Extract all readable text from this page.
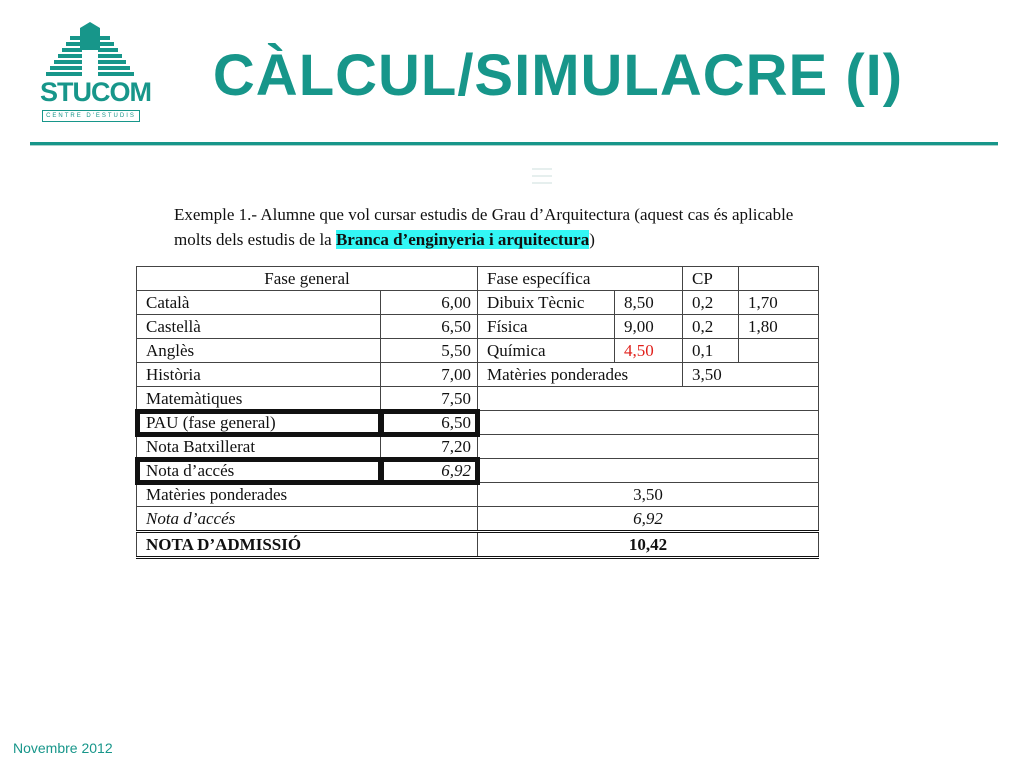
STUCOM
CENTRE D'ESTUDIS
CÀLCUL/SIMULACRE (I)
Exemple 1.- Alumne que vol cursar estudis de Grau d’Arquitectura (aquest cas és aplicable molts dels estudis de la Branca d’enginyeria i arquitectura)
Fase general		Fase específica		CP	
Català	6,00	Dibuix Tècnic	8,50	0,2	1,70
Castellà	6,50	Física	9,00	0,2	1,80
Anglès	5,50	Química	4,50	0,1	
Història	7,00	Matèries ponderades		3,50	
Matemàtiques	7,50				
PAU (fase general)	6,50				
Nota Batxillerat	7,20				
Nota d’accés	6,92				
Matèries ponderades		3,50			
Nota d’accés		6,92			
NOTA D’ADMISSIÓ		10,42			
Novembre 2012
